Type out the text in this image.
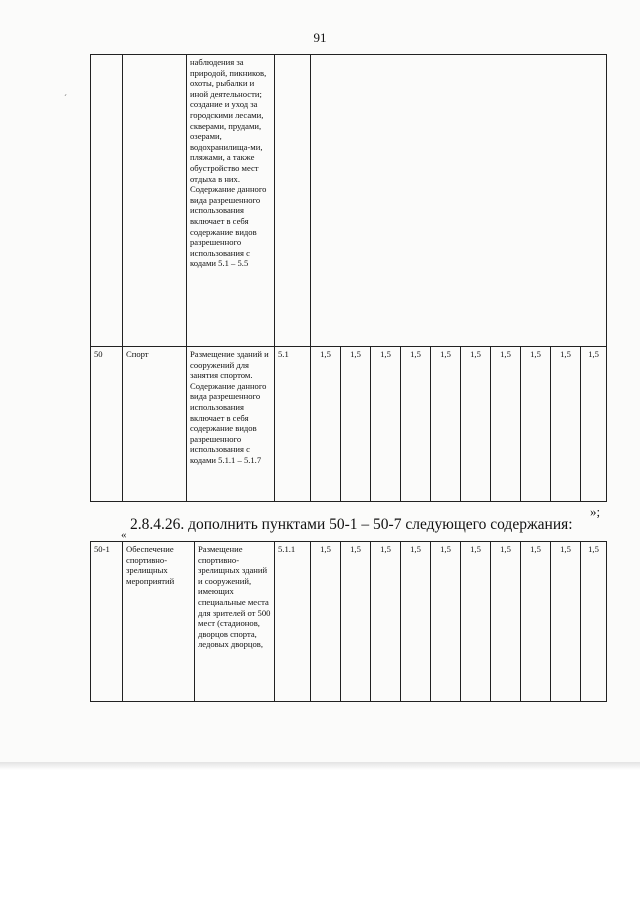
ˊ
91
		наблюдения за природой, пикников, охоты, рыбалки и иной деятельности; создание и уход за городскими лесами, скверами, прудами, озерами, водохранилища-ми, пляжами, а также обустройство мест отдыха в них. Содержание данного вида разрешенного использования включает в себя содержание видов разрешенного использования с кодами 5.1 – 5.5											
50	Спорт	Размещение зданий и сооружений для занятия спортом. Содержание данного вида разрешенного использования включает в себя содержание видов разрешенного использования с кодами 5.1.1 – 5.1.7	5.1	1,5	1,5	1,5	1,5	1,5	1,5	1,5	1,5	1,5	1,5
»;
2.8.4.26. дополнить пунктами 50-1 – 50-7 следующего содержания:
«
50-1	Обеспечение спортивно-зрелищных мероприятий	Размещение спортивно-зрелищных зданий и сооружений, имеющих специальные места для зрителей от 500 мест (стадионов, дворцов спорта, ледовых дворцов,	5.1.1	1,5	1,5	1,5	1,5	1,5	1,5	1,5	1,5	1,5	1,5
